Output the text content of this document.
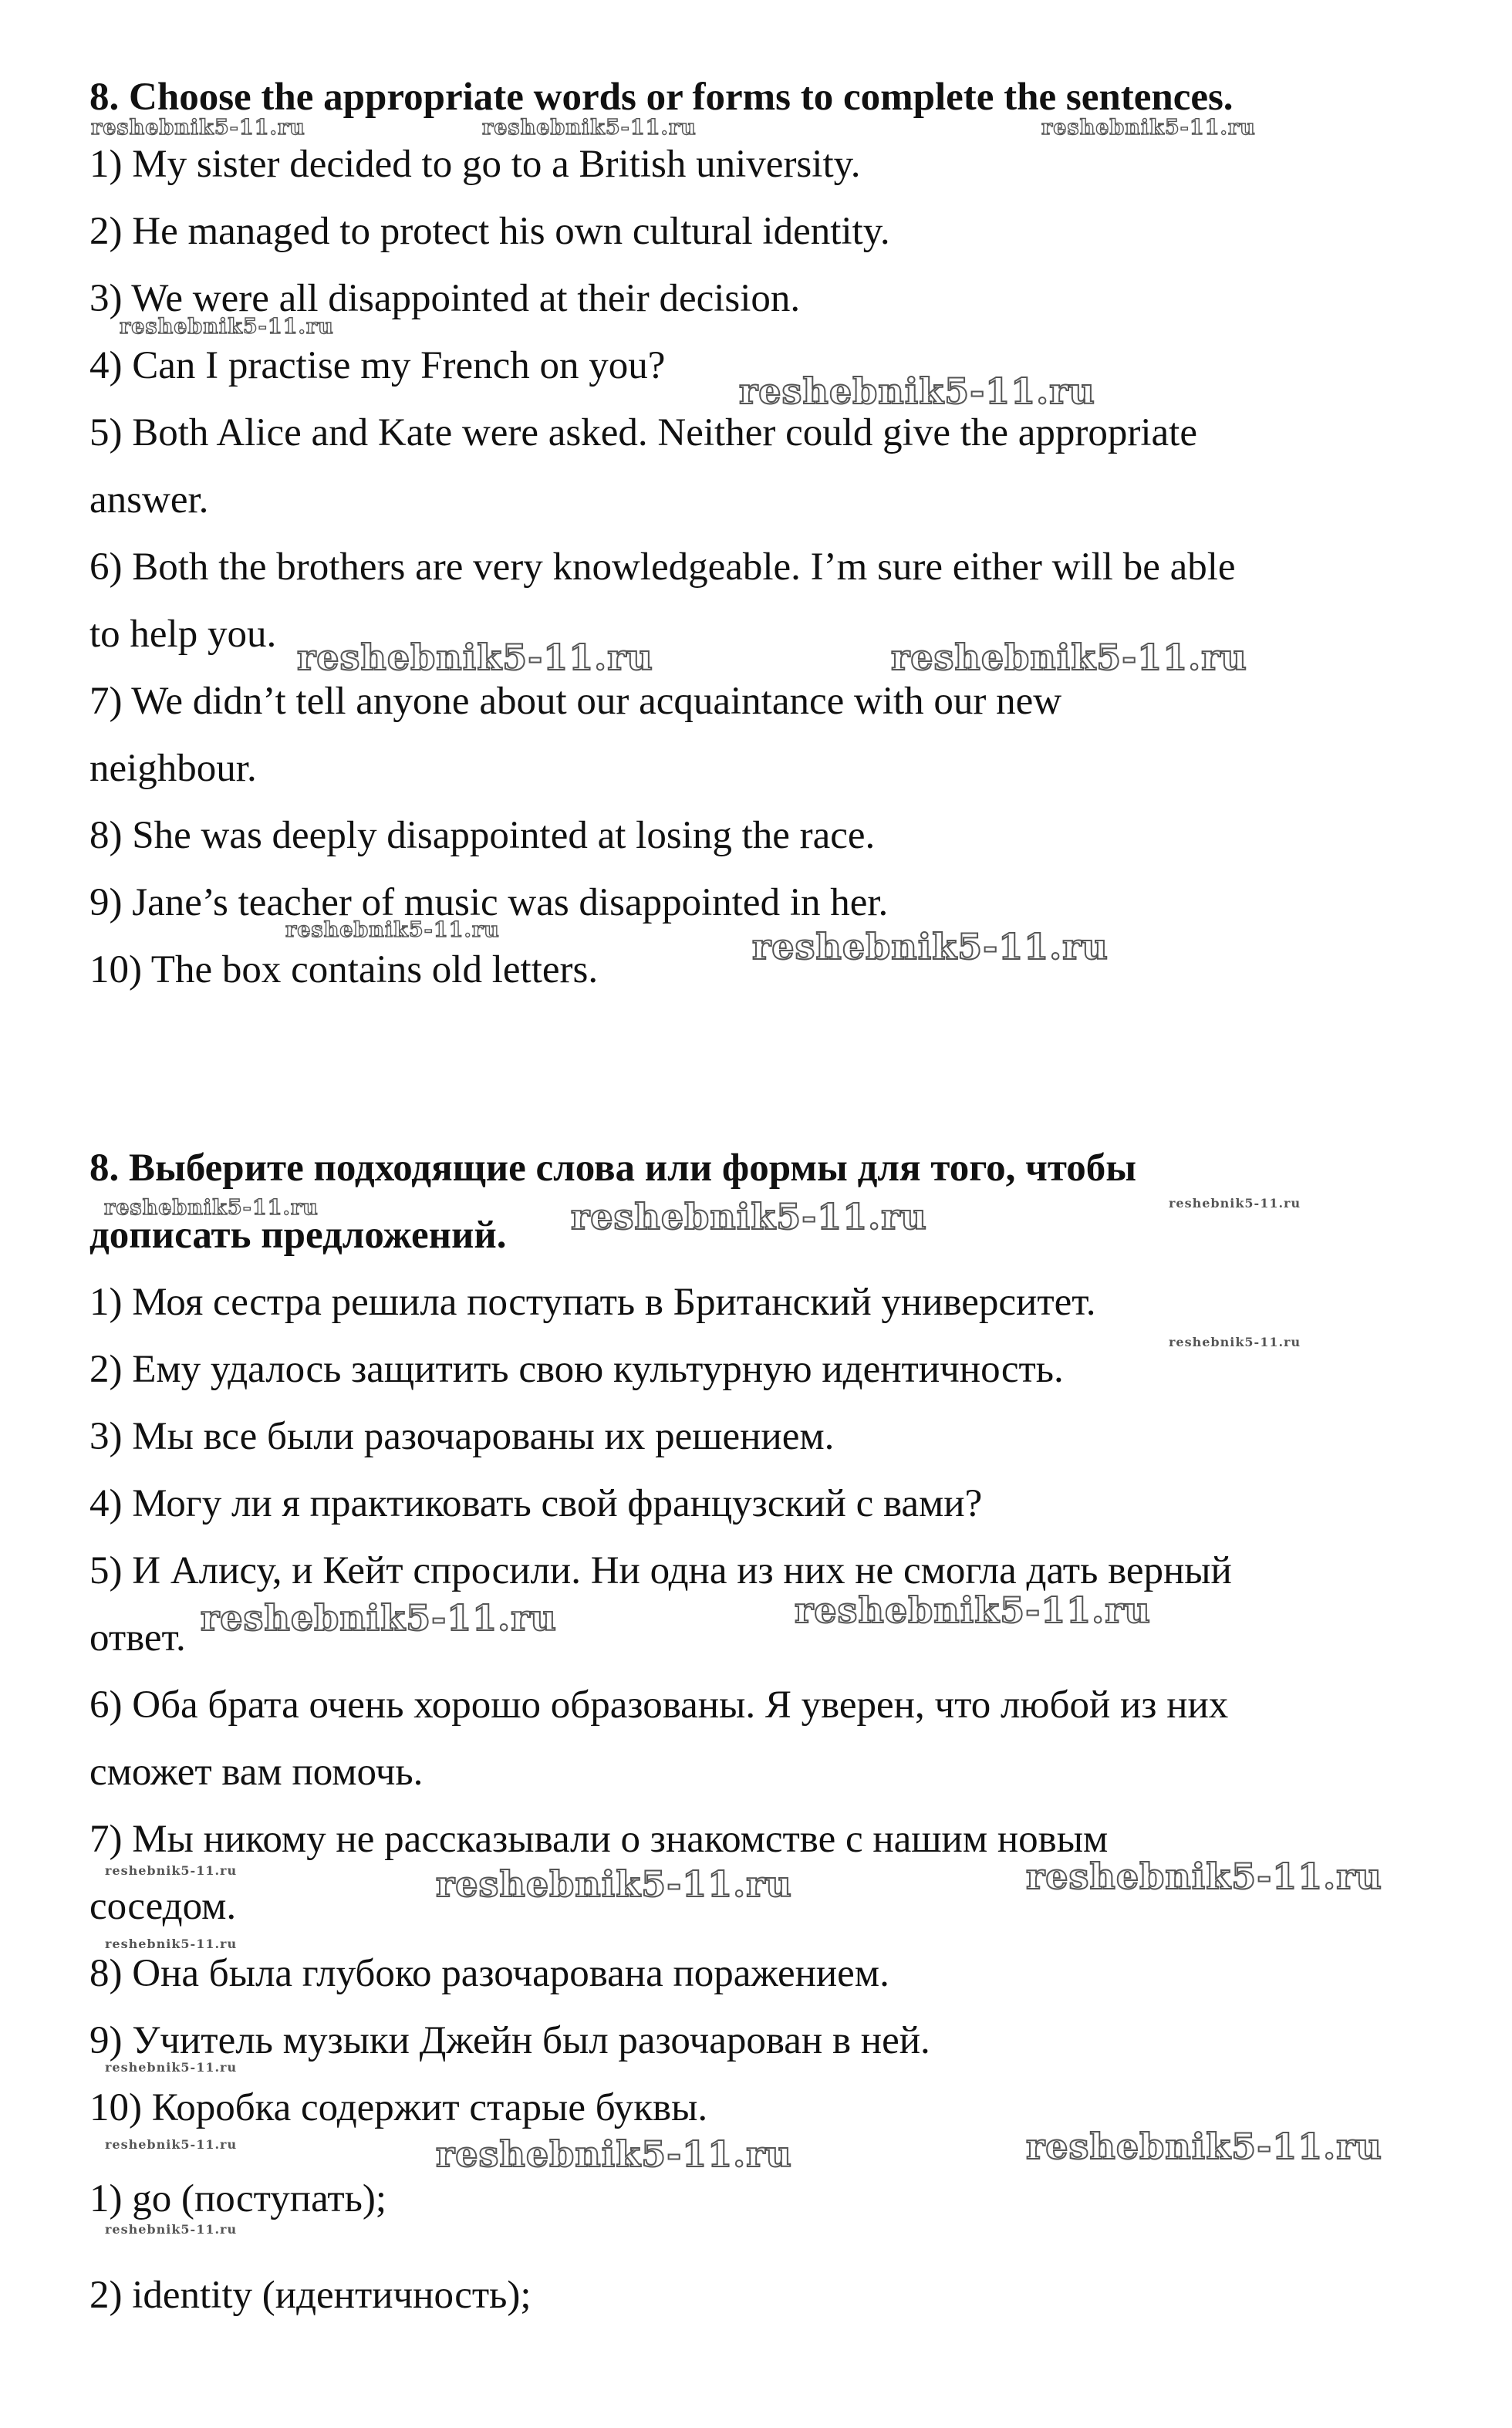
8. Choose the appropriate words or forms to complete the sentences.
1) My sister decided to go to a British university.
2) He managed to protect his own cultural identity.
3) We were all disappointed at their decision.
4) Can I practise my French on you?
5) Both Alice and Kate were asked. Neither could give the appropriate
answer.
6) Both the brothers are very knowledgeable. I’m sure either will be able
to help you.
7) We didn’t tell anyone about our acquaintance with our new
neighbour.
8) She was deeply disappointed at losing the race.
9) Jane’s teacher of music was disappointed in her.
10) The box contains old letters.
8. Выберите подходящие слова или формы для того, чтобы
дописать предложений.
1) Моя сестра решила поступать в Британский университет.
2) Ему удалось защитить свою культурную идентичность.
3) Мы все были разочарованы их решением.
4) Могу ли я практиковать свой французский с вами?
5) И Алису, и Кейт спросили. Ни одна из них не смогла дать верный
ответ.
6) Оба брата очень хорошо образованы. Я уверен, что любой из них
сможет вам помочь.
7) Мы никому не рассказывали о знакомстве с нашим новым
соседом.
8) Она была глубоко разочарована поражением.
9) Учитель музыки Джейн был разочарован в ней.
10) Коробка содержит старые буквы.
1) go (поступать);
2) identity (идентичность);
reshebnik5-11.ru	reshebnik5-11.ru	reshebnik5-11.ru
reshebnik5-11.ru
reshebnik5-11.ru
reshebnik5-11.ru	reshebnik5-11.ru
reshebnik5-11.ru	reshebnik5-11.ru
reshebnik5-11.ru	reshebnik5-11.ru	reshebnik5-11.ru
reshebnik5-11.ru
reshebnik5-11.ru	reshebnik5-11.ru
reshebnik5-11.ru	reshebnik5-11.ru	reshebnik5-11.ru
reshebnik5-11.ru
reshebnik5-11.ru
reshebnik5-11.ru	reshebnik5-11.ru	reshebnik5-11.ru
reshebnik5-11.ru
